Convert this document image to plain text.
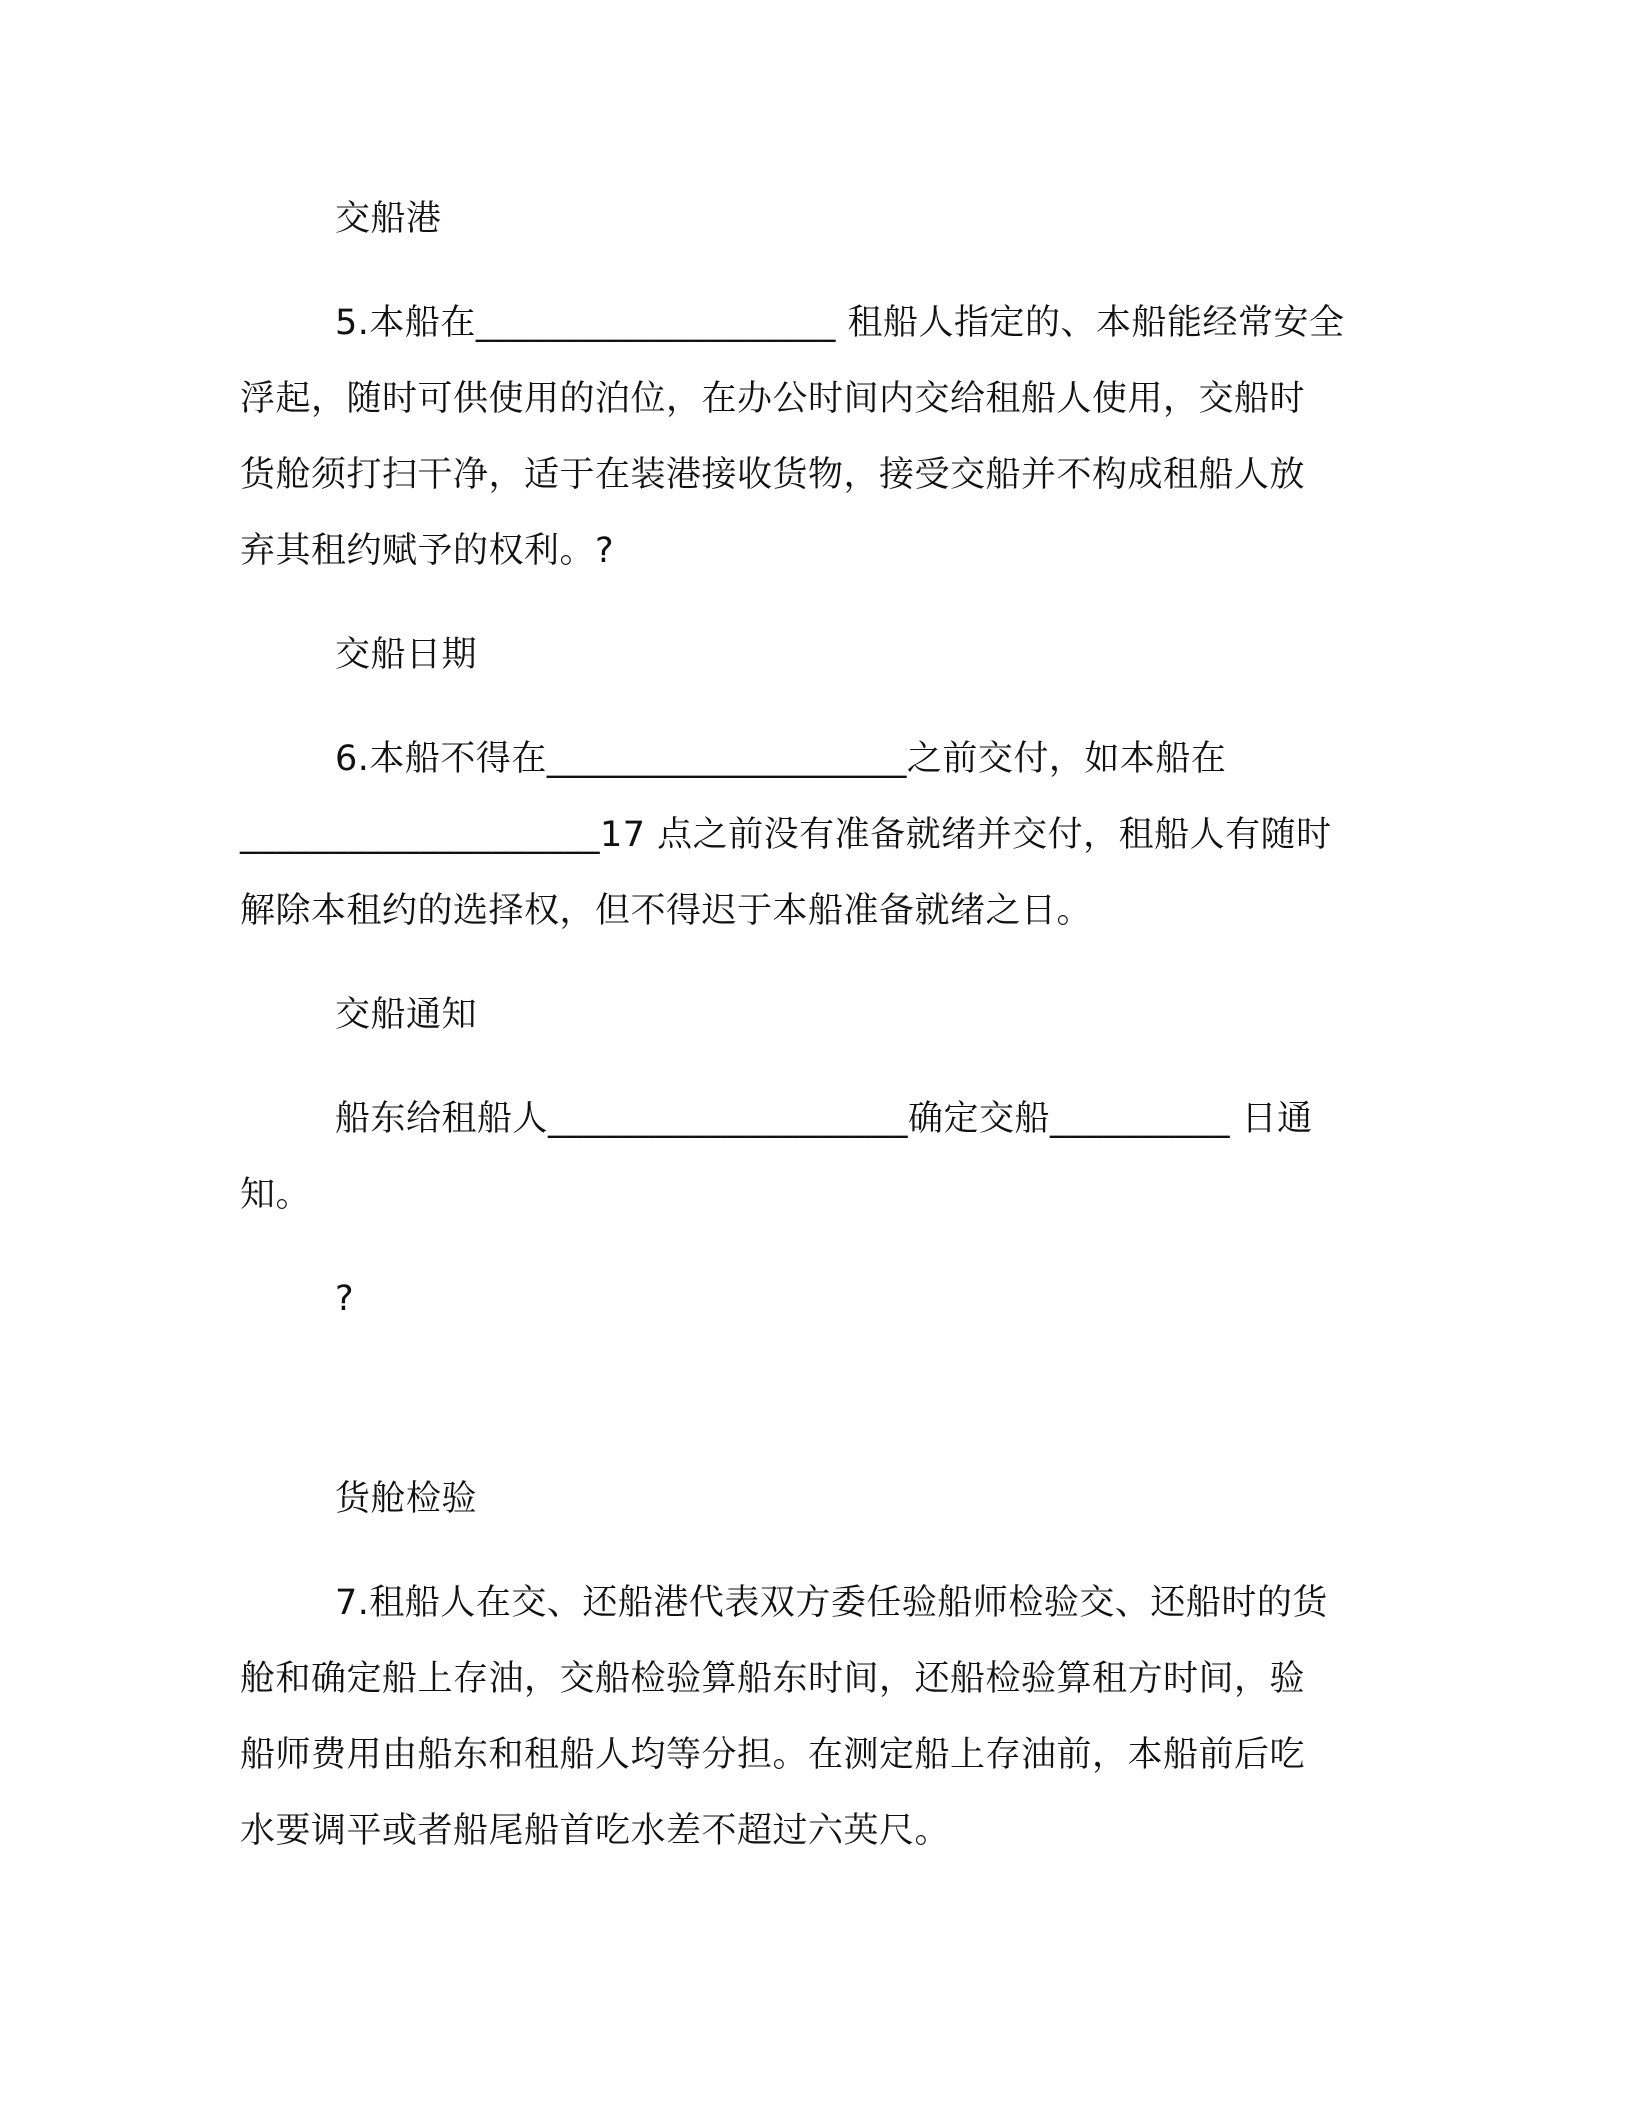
交船港
5.本船在____________________ 租船人指定的、本船能经常安全
浮起，随时可供使用的泊位，在办公时间内交给租船人使用，交船时
货舱须打扫干净，适于在装港接收货物，接受交船并不构成租船人放
弃其租约赋予的权利。?
交船日期
6.本船不得在____________________之前交付，如本船在
____________________17 点之前没有准备就绪并交付，租船人有随时
解除本租约的选择权，但不得迟于本船准备就绪之日。
交船通知
船东给租船人____________________确定交船__________ 日通
知。
?
货舱检验
7.租船人在交、还船港代表双方委任验船师检验交、还船时的货
舱和确定船上存油，交船检验算船东时间，还船检验算租方时间，验
船师费用由船东和租船人均等分担。在测定船上存油前，本船前后吃
水要调平或者船尾船首吃水差不超过六英尺。
